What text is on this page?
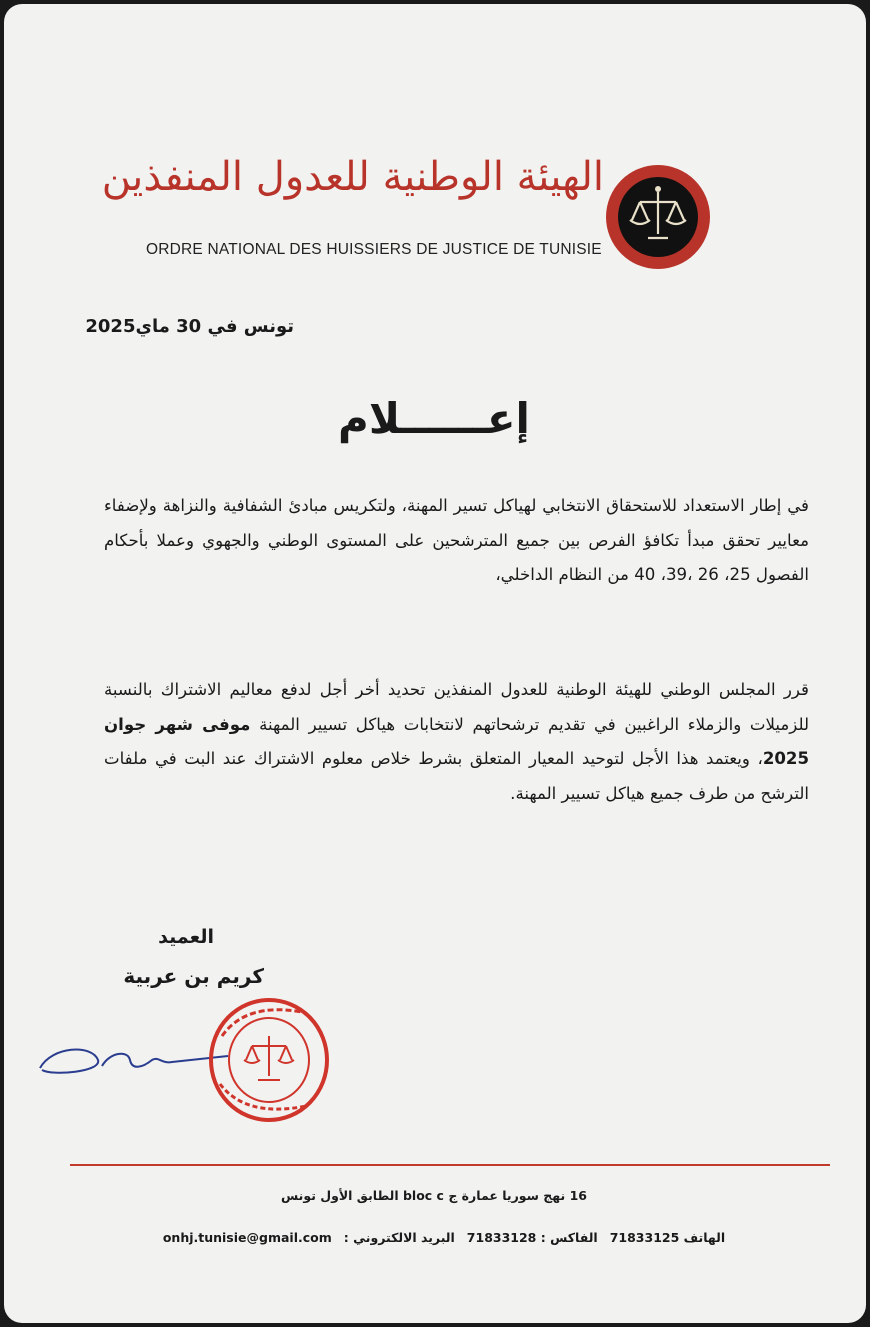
الهيئة الوطنية للعدول المنفذين
ORDRE NATIONAL DES HUISSIERS DE JUSTICE DE TUNISIE
تونس في 30 ماي2025
إعــــــلام
في إطار الاستعداد للاستحقاق الانتخابي لهياكل تسير المهنة، ولتكريس مبادئ الشفافية والنزاهة ولإضفاء معايير تحقق مبدأ تكافؤ الفرص بين جميع المترشحين على المستوى الوطني والجهوي وعملا بأحكام الفصول 25، 26 ،39، 40 من النظام الداخلي،
قرر المجلس الوطني للهيئة الوطنية للعدول المنفذين تحديد أخر أجل لدفع معاليم الاشتراك بالنسبة للزميلات والزملاء الراغبين في تقديم ترشحاتهم لانتخابات هياكل تسيير المهنة موفى شهر جوان 2025، ويعتمد هذا الأجل لتوحيد المعيار المتعلق بشرط خلاص معلوم الاشتراك عند البت في ملفات الترشح من طرف جميع هياكل تسيير المهنة.
العميد
كريم بن عربية
16 نهج سوريا عمارة ج bloc c الطابق الأول تونس
الهاتف 71833125الفاكس : 71833128البريد الالكتروني :onhj.tunisie@gmail.com
